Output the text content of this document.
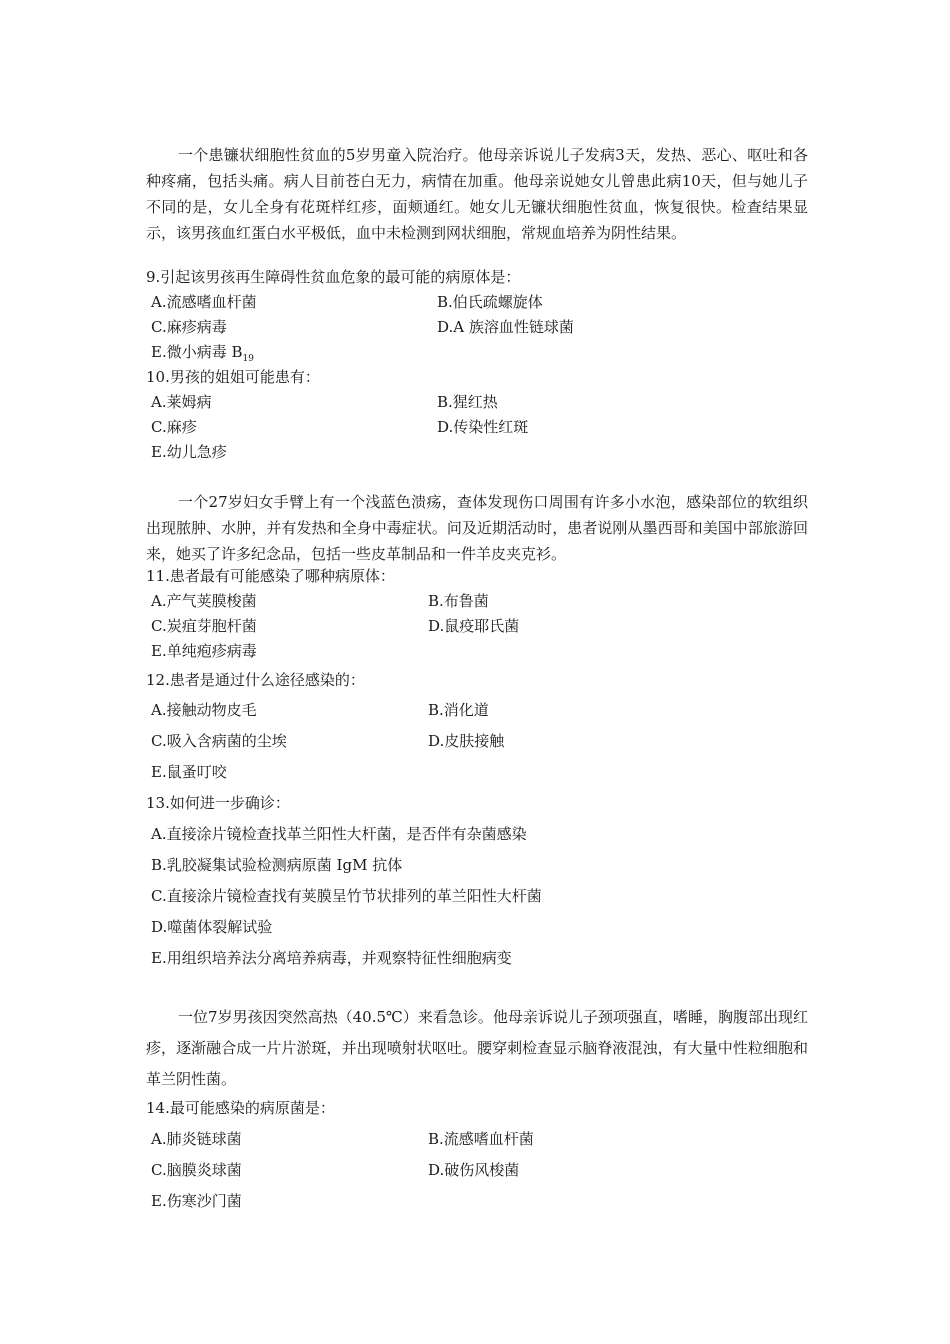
一个患镰状细胞性贫血的5岁男童入院治疗。他母亲诉说儿子发病3天，发热、恶心、呕吐和各种疼痛，包括头痛。病人目前苍白无力，病情在加重。他母亲说她女儿曾患此病10天，但与她儿子不同的是，女儿全身有花斑样红疹，面颊通红。她女儿无镰状细胞性贫血，恢复很快。检查结果显示，该男孩血红蛋白水平极低，血中未检测到网状细胞，常规血培养为阴性结果。

9.引起该男孩再生障碍性贫血危象的最可能的病原体是：

A.流感嗜血杆菌	B.伯氏疏螺旋体

C.麻疹病毒	D.A 族溶血性链球菌

E.微小病毒 $B_{19}$

10.男孩的姐姐可能患有：

A.莱姆病	B.猩红热

C.麻疹	D.传染性红斑

E.幼儿急疹

一个27岁妇女手臂上有一个浅蓝色溃疡，查体发现伤口周围有许多小水泡，感染部位的软组织出现脓肿、水肿，并有发热和全身中毒症状。问及近期活动时，患者说刚从墨西哥和美国中部旅游回来，她买了许多纪念品，包括一些皮革制品和一件羊皮夹克衫。

11.患者最有可能感染了哪种病原体：

A.产气荚膜梭菌	B.布鲁菌

C.炭疽芽胞杆菌	D.鼠疫耶氏菌

E.单纯疱疹病毒

12.患者是通过什么途径感染的：

A.接触动物皮毛	B.消化道

C.吸入含病菌的尘埃	D.皮肤接触

E.鼠蚤叮咬

13.如何进一步确诊：

A.直接涂片镜检查找革兰阳性大杆菌，是否伴有杂菌感染

B.乳胶凝集试验检测病原菌 IgM 抗体

C.直接涂片镜检查找有荚膜呈竹节状排列的革兰阳性大杆菌

D.噬菌体裂解试验

E.用组织培养法分离培养病毒，并观察特征性细胞病变

一位7岁男孩因突然高热（40.5℃）来看急诊。他母亲诉说儿子颈项强直，嗜睡，胸腹部出现红疹，逐渐融合成一片片淤斑，并出现喷射状呕吐。腰穿刺检查显示脑脊液混浊，有大量中性粒细胞和革兰阴性菌。

14.最可能感染的病原菌是：

A.肺炎链球菌	B.流感嗜血杆菌

C.脑膜炎球菌	D.破伤风梭菌

E.伤寒沙门菌
